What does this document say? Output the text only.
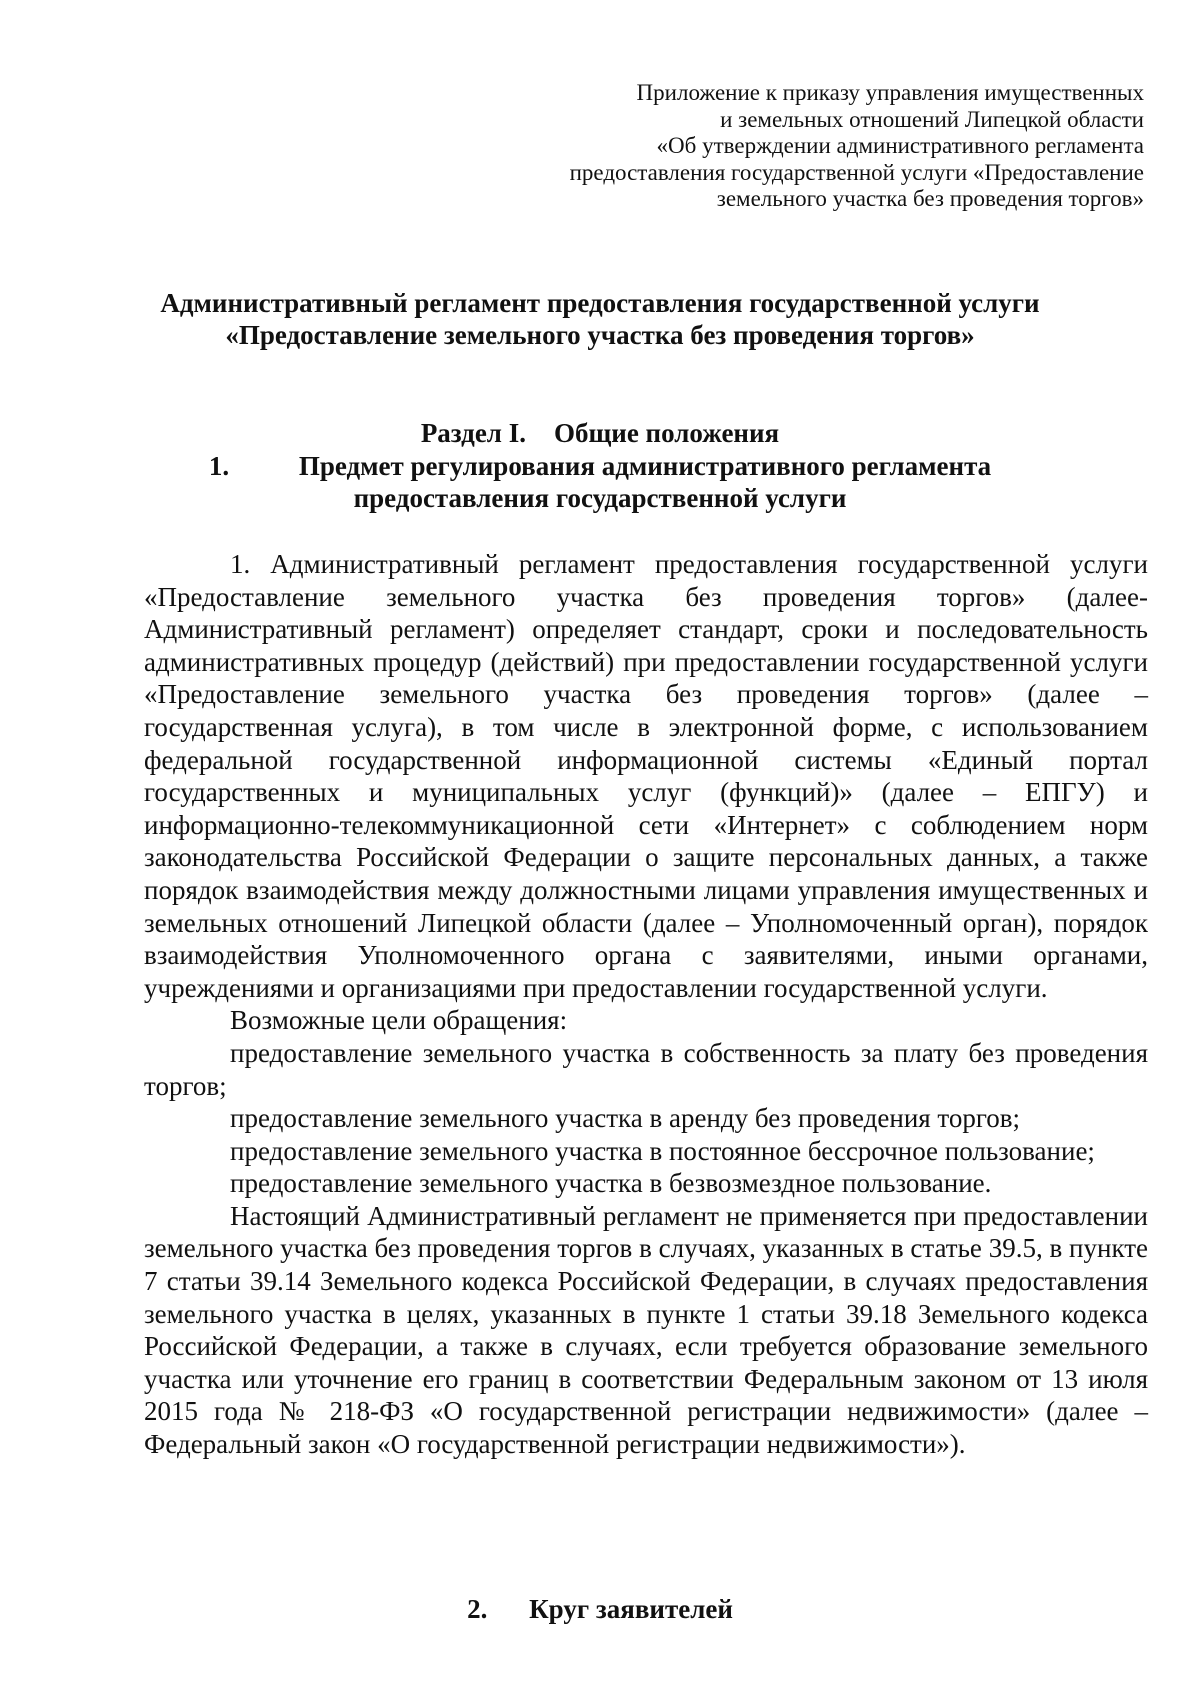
Приложение к приказу управления имущественных
и земельных отношений Липецкой области
«Об утверждении административного регламента
предоставления государственной услуги «Предоставление
земельного участка без проведения торгов»
Административный регламент предоставления государственной услуги
«Предоставление земельного участка без проведения торгов»
Раздел I. Общие положения
1.	Предмет регулирования административного регламента
предоставления государственной услуги

1. Административный регламент предоставления государственной услуги «Предоставление земельного участка без проведения торгов» (далее-Административный регламент) определяет стандарт, сроки и последовательность административных процедур (действий) при предоставлении государственной услуги «Предоставление земельного участка без проведения торгов» (далее – государственная услуга), в том числе в электронной форме, с использованием федеральной государственной информационной системы «Единый портал государственных и муниципальных услуг (функций)» (далее – ЕПГУ) и информационно-телекоммуникационной сети «Интернет» с соблюдением норм законодательства Российской Федерации о защите персональных данных, а также порядок взаимодействия между должностными лицами управления имущественных и земельных отношений Липецкой области (далее – Уполномоченный орган), порядок взаимодействия Уполномоченного органа с заявителями, иными органами, учреждениями и организациями при предоставлении государственной услуги.

Возможные цели обращения:

предоставление земельного участка в собственность за плату без проведения торгов;

предоставление земельного участка в аренду без проведения торгов;

предоставление земельного участка в постоянное бессрочное пользование;

предоставление земельного участка в безвозмездное пользование.

Настоящий Административный регламент не применяется при предоставлении земельного участка без проведения торгов в случаях, указанных в статье 39.5, в пункте 7 статьи 39.14 Земельного кодекса Российской Федерации, в случаях предоставления земельного участка в целях, указанных в пункте 1 статьи 39.18 Земельного кодекса Российской Федерации, а также в случаях, если требуется образование земельного участка или уточнение его границ в соответствии Федеральным законом от 13 июля 2015 года № 218-ФЗ «О государственной регистрации недвижимости» (далее – Федеральный закон «О государственной регистрации недвижимости»).

2. Круг заявителей
